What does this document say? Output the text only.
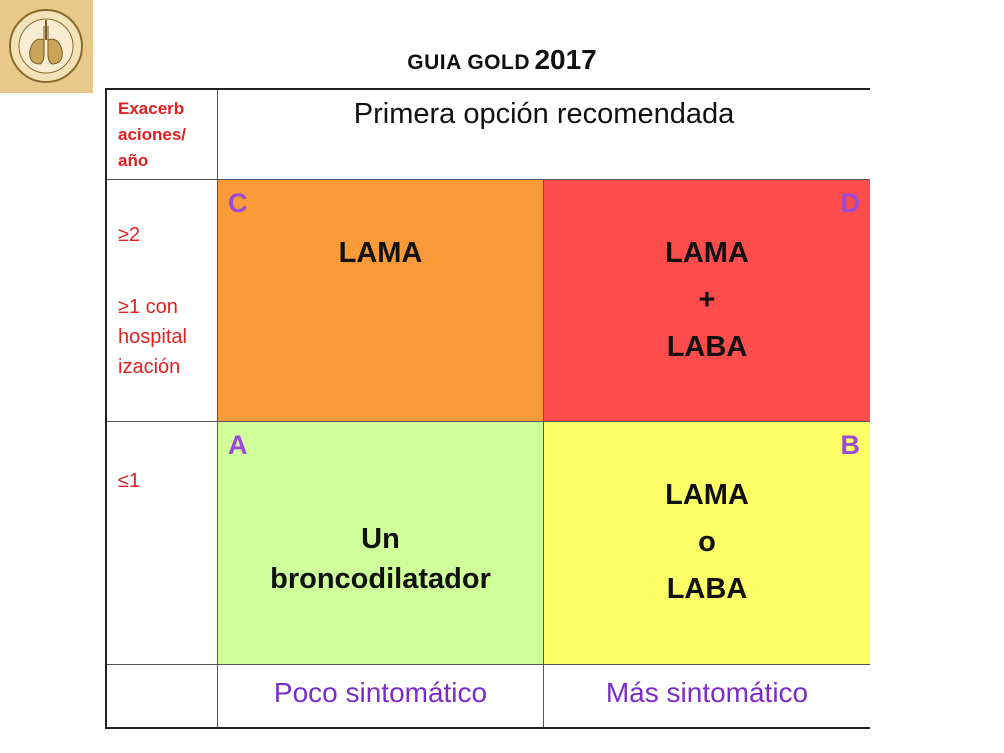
GUIA GOLD 2017
Exacerb
aciones/
año
Primera opción recomendada
≥2
≥1 con
hospital
ización
C
LAMA
D
LAMA
+
LABA
≤1
A
Un
broncodilatador
B
LAMA
o
LABA
Poco sintomático	Más sintomático
